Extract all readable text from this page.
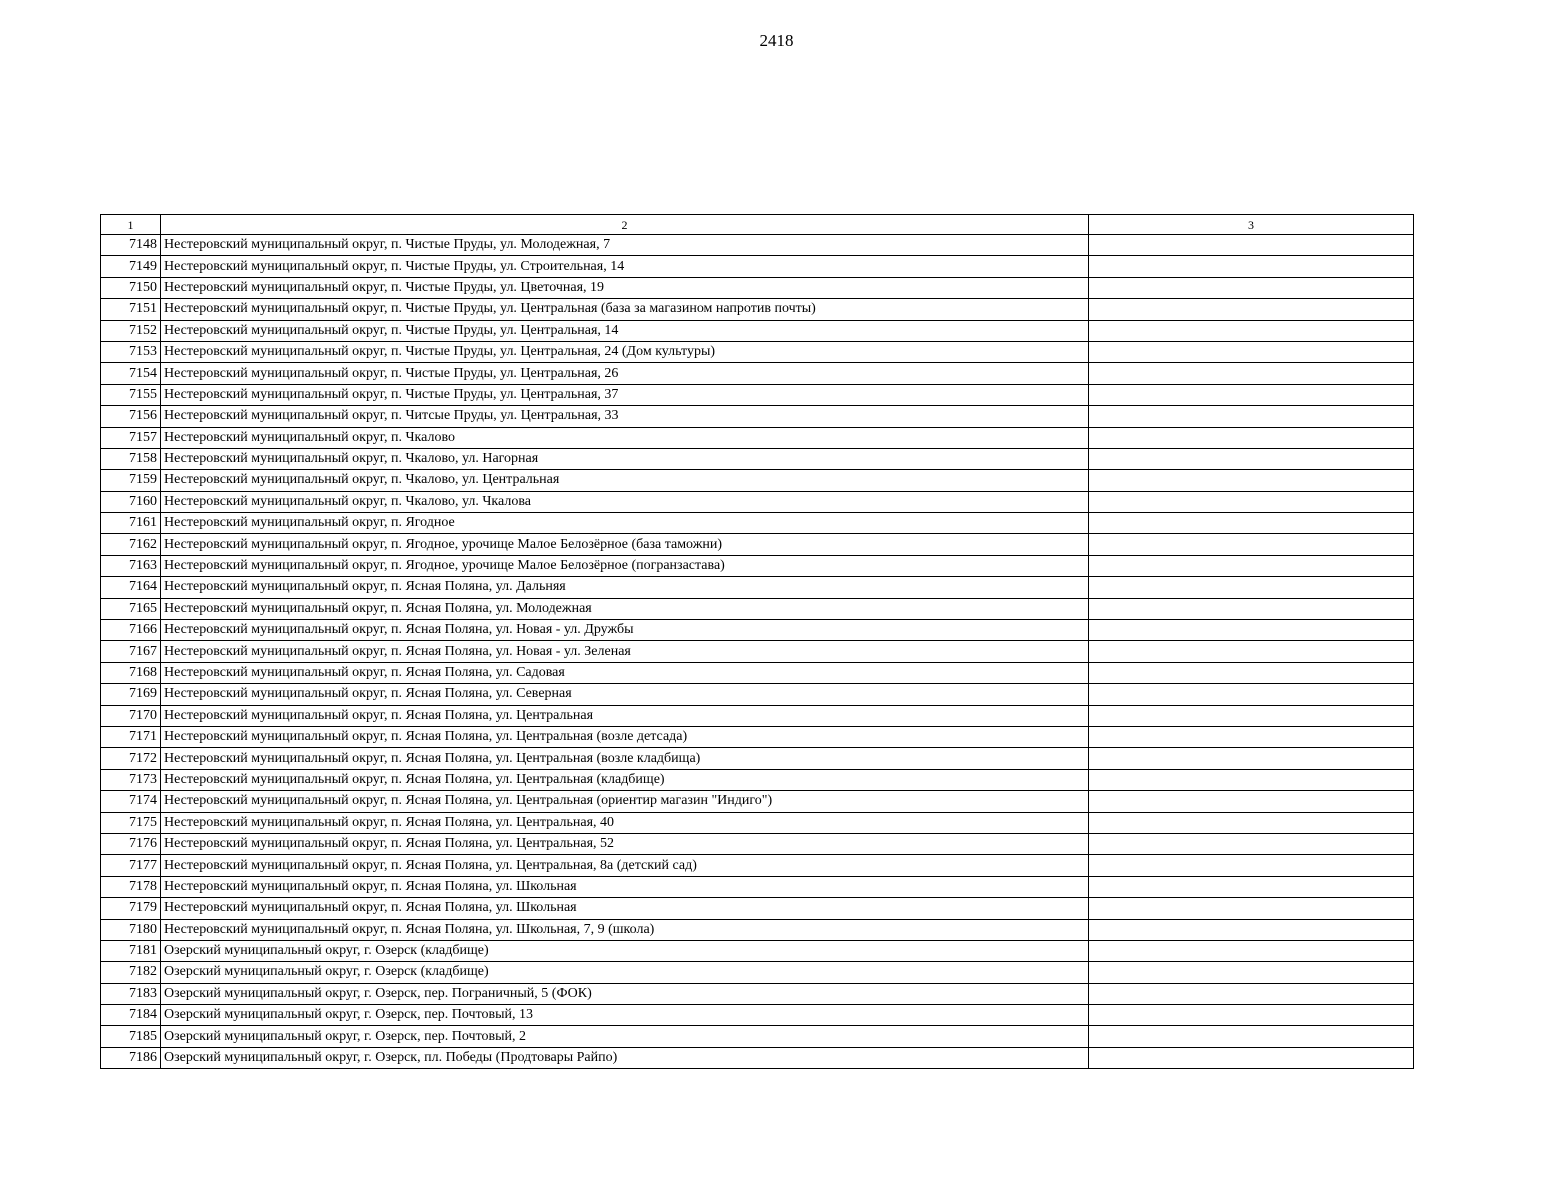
2418
1	2	3
7148	Нестеровский муниципальный округ, п. Чистые Пруды, ул. Молодежная, 7	
7149	Нестеровский муниципальный округ, п. Чистые Пруды, ул. Строительная, 14	
7150	Нестеровский муниципальный округ, п. Чистые Пруды, ул. Цветочная, 19	
7151	Нестеровский муниципальный округ, п. Чистые Пруды, ул. Центральная (база за магазином напротив почты)	
7152	Нестеровский муниципальный округ, п. Чистые Пруды, ул. Центральная, 14	
7153	Нестеровский муниципальный округ, п. Чистые Пруды, ул. Центральная, 24 (Дом культуры)	
7154	Нестеровский муниципальный округ, п. Чистые Пруды, ул. Центральная, 26	
7155	Нестеровский муниципальный округ, п. Чистые Пруды, ул. Центральная, 37	
7156	Нестеровский муниципальный округ, п. Читсые Пруды, ул. Центральная, 33	
7157	Нестеровский муниципальный округ, п. Чкалово	
7158	Нестеровский муниципальный округ, п. Чкалово, ул. Нагорная	
7159	Нестеровский муниципальный округ, п. Чкалово, ул. Центральная	
7160	Нестеровский муниципальный округ, п. Чкалово, ул. Чкалова	
7161	Нестеровский муниципальный округ, п. Ягодное	
7162	Нестеровский муниципальный округ, п. Ягодное, урочище Малое Белозёрное (база таможни)	
7163	Нестеровский муниципальный округ, п. Ягодное, урочище Малое Белозёрное (погранзастава)	
7164	Нестеровский муниципальный округ, п. Ясная Поляна, ул. Дальняя	
7165	Нестеровский муниципальный округ, п. Ясная Поляна, ул. Молодежная	
7166	Нестеровский муниципальный округ, п. Ясная Поляна, ул. Новая - ул. Дружбы	
7167	Нестеровский муниципальный округ, п. Ясная Поляна, ул. Новая - ул. Зеленая	
7168	Нестеровский муниципальный округ, п. Ясная Поляна, ул. Садовая	
7169	Нестеровский муниципальный округ, п. Ясная Поляна, ул. Северная	
7170	Нестеровский муниципальный округ, п. Ясная Поляна, ул. Центральная	
7171	Нестеровский муниципальный округ, п. Ясная Поляна, ул. Центральная (возле детсада)	
7172	Нестеровский муниципальный округ, п. Ясная Поляна, ул. Центральная (возле кладбища)	
7173	Нестеровский муниципальный округ, п. Ясная Поляна, ул. Центральная (кладбище)	
7174	Нестеровский муниципальный округ, п. Ясная Поляна, ул. Центральная (ориентир магазин "Индиго")	
7175	Нестеровский муниципальный округ, п. Ясная Поляна, ул. Центральная, 40	
7176	Нестеровский муниципальный округ, п. Ясная Поляна, ул. Центральная, 52	
7177	Нестеровский муниципальный округ, п. Ясная Поляна, ул. Центральная, 8а (детский сад)	
7178	Нестеровский муниципальный округ, п. Ясная Поляна, ул. Школьная	
7179	Нестеровский муниципальный округ, п. Ясная Поляна, ул. Школьная	
7180	Нестеровский муниципальный округ, п. Ясная Поляна, ул. Школьная, 7, 9 (школа)	
7181	Озерский муниципальный округ, г. Озерск (кладбище)	
7182	Озерский муниципальный округ, г. Озерск (кладбище)	
7183	Озерский муниципальный округ, г. Озерск, пер. Пограничный, 5 (ФОК)	
7184	Озерский муниципальный округ, г. Озерск, пер. Почтовый, 13	
7185	Озерский муниципальный округ, г. Озерск, пер. Почтовый, 2	
7186	Озерский муниципальный округ, г. Озерск, пл. Победы (Продтовары Райпо)	
